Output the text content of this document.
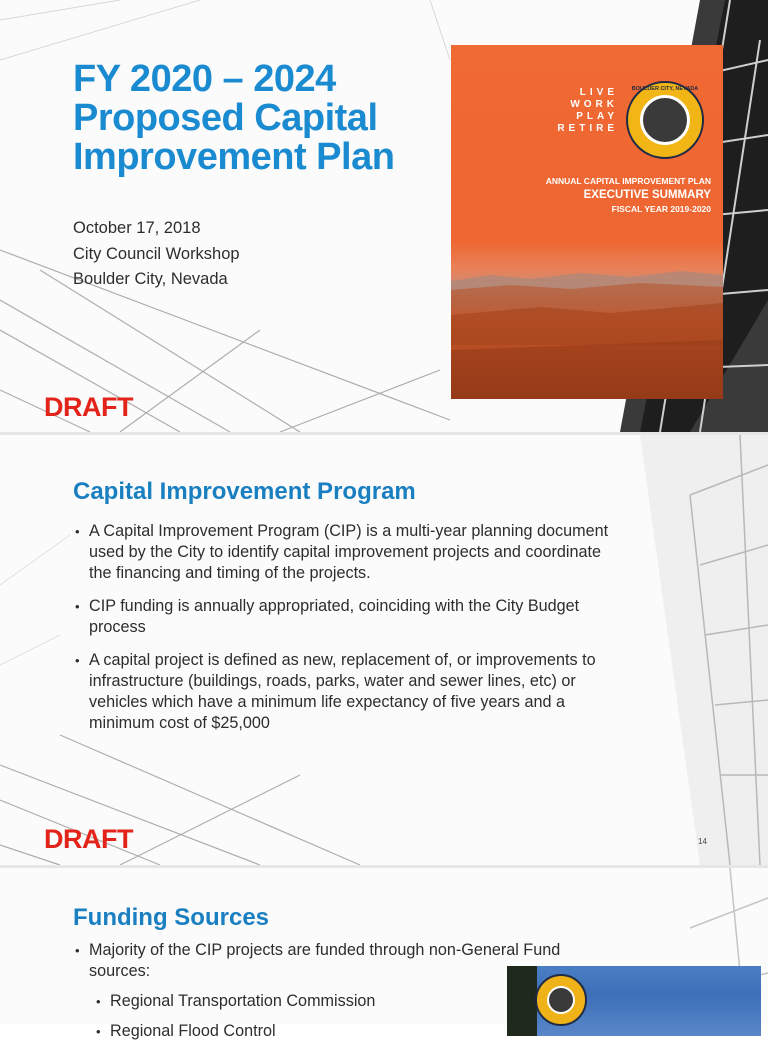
FY 2020 – 2024 Proposed Capital Improvement Plan
October 17, 2018
City Council Workshop
Boulder City, Nevada
DRAFT
LIVE
WORK
PLAY
RETIRE
BOULDER CITY, NEVADA
ANNUAL CAPITAL IMPROVEMENT PLAN
EXECUTIVE SUMMARY
FISCAL YEAR 2019-2020
Capital Improvement Program
• A Capital Improvement Program (CIP) is a multi-year planning document used by the City to identify capital improvement projects and coordinate the financing and timing of the projects.
• CIP funding is annually appropriated, coinciding with the City Budget process
• A capital project is defined as new, replacement of, or improvements to infrastructure (buildings, roads, parks, water and sewer lines, etc) or vehicles which have a minimum life expectancy of five years and a minimum cost of $25,000
DRAFT	14
Funding Sources
• Majority of the CIP projects are funded through non-General Fund sources:
• Regional Transportation Commission
• Regional Flood Control
